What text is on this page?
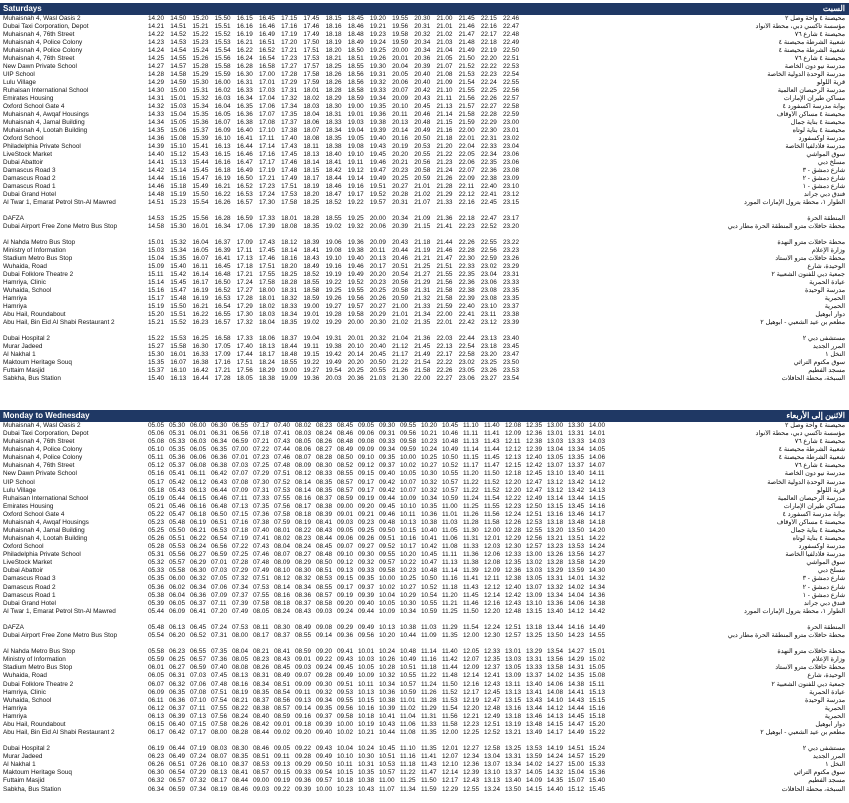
Saturdays	السبت
Muhaisnah 4, Wasl Oasis 2	14.20 14.50 15.20 15.50 16.15 16.45 17.15 17.45 18.15 18.45 19.20 19.55 20.30 21.00 21.45 22.15 22.46	محيصنة ٤ واحة وصل ٢
Dubai Taxi Corporation, Depot	14.21 14.51 15.21 15.51 16.16 16.46 17.16 17.46 18.16 18.46 19.21 19.56 20.31 21.01 21.46 22.16 22.47	مؤسسة تاكسي دبي، محطة الأنواد
Muhaisnah 4, 76th Street	14.22 14.52 15.22 15.52 16.19 16.49 17.19 17.49 18.18 18.48 19.23 19.58 20.32 21.02 21.47 22.17 22.48	محيصنة ٤ شارع ٧٦
Muhaisnah 4, Police Colony	14.23 14.53 15.23 15.53 16.21 16.51 17.20 17.50 18.19 18.49 19.24 19.59 20.34 21.03 21.48 22.18 22.49	شعبية الشرطة محيصنة ٤
Muhaisnah 4, Police Colony	14.24 14.54 15.24 15.54 16.22 16.52 17.21 17.51 18.20 18.50 19.25 20.00 20.34 21.04 21.49 22.19 22.50	شعبية الشرطة محيصنة ٤
Muhaisnah 4, 76th Street	14.25 14.55 15.26 15.56 16.24 16.54 17.23 17.53 18.21 18.51 19.26 20.01 20.36 21.05 21.50 22.20 22.51	محيصنة ٤ شارع ٧٦
New Dawn Private School	14.27 14.57 15.28 15.58 16.28 16.58 17.27 17.57 18.25 18.55 19.30 20.04 20.39 21.07 21.52 22.22 22.53	مدرسة نيو دون الخاصة
UIP School	14.28 14.58 15.29 15.59 16.30 17.00 17.28 17.58 18.26 18.56 19.31 20.05 20.40 21.08 21.53 22.23 22.54	مدرسة الوحدة الدولية الخاصة
Lulu Village	14.29 14.59 15.30 16.00 16.31 17.01 17.29 17.59 18.26 18.56 19.32 20.06 20.40 21.09 21.54 22.24 22.55	قرية اللولو
Ruhaisan International School	14.30 15.00 15.31 16.02 16.33 17.03 17.31 18.01 18.28 18.58 19.33 20.07 20.42 21.10 21.55 22.25 22.56	مدرسة الرحيصان العالمية
Emirates Housing	14.31 15.01 15.32 16.03 16.34 17.04 17.32 18.02 18.29 18.59 19.34 20.09 20.43 21.11	21.56 22.26 22.57	مساكن طيران الإمارات
Oxford School Gate 4	14.32 15.03 15.34 16.04 16.35 17.06 17.34 18.03 18.30 19.00 19.35 20.10 20.45 21.13 21.57 22.27 22.58	بوابة مدرسة أكسفورد ٤
Muhaisnah 4, Awqaf Housings	14.33 15.04 15.35 16.05 16.36 17.07 17.35 18.04 18.31 19.01 19.36 20.11	20.46 21.14 21.58 22.28 22.59	محيصنة ٤ مساكن الأوقاف
Muhaisnah 4, Jamal Building	14.34 15.05 15.36 16.07 16.38 17.08 17.37 18.06 18.33 19.03 19.38 20.13 20.48 21.15 21.59 22.29 23.00	محيصنة ٤ بناية جمال
Muhaisnah 4, Lootah Building	14.35 15.06 15.37 16.09 16.40 17.10 17.38 18.07 18.34 19.04 19.39 20.14 20.49 21.16 22.00 22.30 23.01	محيصنة ٤ بناية لوتاه
Oxford School	14.36 15.08 15.39 16.10 16.41 17.11	17.40 18.08 18.35 19.05 19.40 20.16 20.50 21.18 22.01 22.31 23.02	مدرسة أوكسفورد
Philadelphia Private School	14.39 15.10 15.41 16.13 16.44 17.14 17.43 18.11	18.38 19.08 19.43 20.19 20.53 21.20 22.04 22.33 23.04	مدرسة فلادلفيا الخاصة
LiveStock Market	14.40 15.12 15.43 16.15 16.46 17.16 17.45 18.13 18.40 19.10 19.45 20.20 20.55 21.22 22.05 22.34 23.06	سوق المواشي
Dubai Abattoir	14.41 15.13 15.44 16.16 16.47 17.17 17.46 18.14 18.41 19.11	19.46 20.21 20.56 21.23 22.06 22.35 23.06	مسلخ دبي
Damascus Road 3	14.42 15.14 15.45 16.18 16.49 17.19 17.48 18.15 18.42 19.12 19.47 20.23 20.58 21.24 22.07 22.36 23.08	شارع دمشق - ٣
Damascus Road 2	14.44 15.16 15.47 16.19 16.50 17.21 17.49 18.17 18.44 19.14 19.49 20.25 20.59 21.26 22.09 22.38 23.09	شارع دمشق - ٢
Damascus Road 1	14.46 15.18 15.49 16.21 16.52 17.23 17.51 18.19 18.46 19.16 19.51 20.27 21.01 21.28 22.11	22.40 23.10	شارع دمشق - ١
Dubai Grand Hotel	14.48 15.19 15.50 16.22 16.53 17.24 17.53 18.20 18.47 19.17 19.52 20.28 21.02 21.29 22.12 22.41 23.12	فندق دبي جراند
Al Twar 1, Emarat Petrol Stn-Al Mawred	14.51 15.23 15.54 16.26 16.57 17.30 17.58 18.25 18.52 19.22 19.57 20.31 21.07 21.33 22.16 22.45 23.15	الطوار ١، محطة بترول الإمارات المورد
DAFZA	14.53 15.25 15.56 16.28 16.59 17.33 18.01 18.28 18.55 19.25 20.00 20.34 21.09 21.36 22.18 22.47 23.17	المنطقة الحرة
Dubai Airport Free Zone Metro Bus Stop	14.58 15.30 16.01 16.34 17.06 17.39 18.08 18.35 19.02 19.32 20.06 20.39 21.15 21.41 22.23 22.52 23.20	محطة حافلات مترو المنطقة الحرة مطار دبي
Al Nahda Metro Bus Stop	15.01 15.32 16.04 16.37 17.09 17.43 18.12 18.39 19.06 19.36 20.09 20.43 21.18 21.44 22.26 22.55 23.22	محطة حافلات مترو النهدة
Ministry of Information	15.03 15.34 16.05 16.39 17.11	17.45 18.14 18.41 19.08 19.38 20.11	20.44 21.19 21.46 22.28 22.56 23.23	وزارة الإعلام
Stadium Metro Bus Stop	15.04 15.35 16.07 16.41 17.13 17.46 18.16 18.43 19.10 19.40 20.13 20.46 21.21 21.47 22.30 22.59 23.26	محطة حافلات مترو الاستاد
Wuhaida, Road	15.09 15.40 16.11	16.45 17.18 17.51 18.20 18.49 19.16 19.46 20.17 20.51 21.25 21.51 22.33 23.02 23.29	الوحيدة، شارع
Dubai Folklore Theatre 2	15.11	15.42 16.14 16.48 17.21 17.55 18.25 18.52 19.19 19.49 20.20 20.54 21.27 21.55 22.35 23.04 23.31	جمعية دبي للفنون الشعبية ٢
Hamriya, Clinic	15.14 15.45 16.17 16.50 17.24 17.58 18.28 18.55 19.22 19.52 20.23 20.56 21.29 21.56 22.36 23.06 23.33	عيادة الحمرية
Wuhaida, School	15.16 15.47 16.19 16.52 17.27 18.00 18.31 18.58 19.25 19.55 20.25 20.58 21.31 21.58 22.38 23.08 23.35	مدرسة الوحيدة
Hamriya	15.17 15.48 16.19 16.53 17.28 18.01 18.32 18.59 19.26 19.56 20.26 20.59 21.32 21.58 22.39 23.08 23.35	الحمرية
Hamriya	15.19 15.50 16.21 16.54 17.29 18.02 18.33 19.00 19.27 19.57 20.27 21.00 21.33 21.59 22.40 23.10 23.37	الحمرية
Abu Hail, Roundabout	15.20 15.51 16.22 16.55 17.30 18.03 18.34 19.01 19.28 19.58 20.29 21.01 21.34 22.00 22.41 23.11	23.38	دوار أبوهيل
Abu Hail, Bin Eid Al Shabi Restaurant 2	15.21 15.52 16.23 16.57 17.32 18.04 18.35 19.02 19.29 20.00 20.30 21.02 21.35 22.01 22.42 23.12 23.39	مطعم بن عيد الشعبي - أبوهيل ٢
Dubai Hospital 2	15.22 15.53 16.25 16.58 17.33 18.06 18.37 19.04 19.31 20.01 20.32 21.04 21.36 22.03 22.44 23.13 23.40	مستشفى دبي ٢
Murar Jadeed	15.27 15.58 16.30 17.05 17.40 18.13 18.44 19.11	19.38 20.10 20.40 21.12 21.45 22.13 22.54 23.18 23.45	المرر الجديد
Al Nakhal 1	15.30 16.01 16.33 17.09 17.44 18.17 18.48 19.15 19.42 20.14 20.45 21.17 21.49 22.17 22.58 23.20 23.47	النخل ١
Maktoum Heritage Souq	15.35 16.07 16.38 17.16 17.51 18.24 18.55 19.22 19.49 20.20 20.50 21.22 21.54 22.22 23.02 23.25 23.50	سوق مكتوم التراثي
Futtaim Masjid	15.37 16.10 16.42 17.21 17.56 18.29 19.00 19.27 19.54 20.25 20.55 21.26 21.58 22.26 23.05 23.26 23.53	مسجد الفطيم
Sabkha, Bus Station	15.40 16.13 16.44 17.28 18.05 18.38 19.09 19.36 20.03 20.36 21.03 21.30 22.00 22.27 23.06 23.27 23.54	السبخة، محطة الحافلات
Monday to Wednesday	الاثنين إلى الأربعاء
Muhaisnah 4, Wasl Oasis 2	05.05 05.30 06.00 06.30 06.55 07.17 07.40 08.02 08.23 08.45 09.05 09.30 09.55 10.20 10.45 11.10 11.40 12.08 12.35 13.00 13.30 14.00	محيصنة ٤ واحة وصل ٢
Dubai Taxi Corporation, Depot	05.06 05.31 06.01 06.31 06.56 07.18 07.41 08.03 08.24 08.46 09.06 09.31 09.56 10.21 10.46 11.11 11.41 12.09 12.36 13.01 13.31 14.01	مؤسسة تاكسي دبي، محطة الأنواد
Muhaisnah 4, 76th Street	05.08 05.33 06.03 06.34 06.59 07.21 07.43 08.05 08.26 08.48 09.08 09.33 09.58 10.23 10.48 11.13 11.43 12.11 12.38 13.03 13.33 14.03	محيصنة ٤ شارع ٧٦
Muhaisnah 4, Police Colony	05.10 05.35 06.05 06.35 07.00 07.22 07.44 08.06 08.27 08.49 09.09 09.34 09.59 10.24 10.49 11.14 11.44 12.12 12.39 13.04 13.34 14.05	شعبية الشرطة محيصنة ٤
Muhaisnah 4, Police Colony	05.11 05.36 06.06 06.36 07.01 07.23 07.46 08.07 08.28 08.50 09.10 09.35 10.00 10.25 10.50 11.15 11.45 12.13 12.40 13.05 13.35 14.06	شعبية الشرطة محيصنة ٤
Muhaisnah 4, 76th Street	05.12 05.37 06.08 06.38 07.03 07.25 07.48 08.09 08.30 08.52 09.12 09.37 10.02 10.27 10.52 11.17 11.47 12.15 12.42 13.07 13.37 14.07	محيصنة ٤ شارع ٧٦
New Dawn Private School	05.16 05.41 06.11 06.42 07.07 07.29 07.51 08.12 08.33 08.55 09.15 09.40 10.05 10.30 10.55 11.20 11.50 12.18 12.45 13.10 13.40 14.11	مدرسة نيو دون الخاصة
UIP School	05.17 05.42 06.12 06.43 07.08 07.30 07.52 08.14 08.35 08.57 09.17 09.42 10.07 10.32 10.57 11.22 11.52 12.20 12.47 13.12 13.42 14.12	مدرسة الوحدة الدولية الخاصة
Lulu Village	05.18 05.43 06.13 06.44 07.09 07.31 07.53 08.14 08.35 08.57 09.17 09.42 10.07 10.32 10.57 11.22 11.52 12.20 12.47 13.12 13.42 14.13	قرية اللولو
Ruhaisan International School	05.19 05.44 06.15 06.46 07.11 07.33 07.55 08.16 08.37 08.59 09.19 09.44 10.09 10.34 10.59 11.24 11.54 12.22 12.49 13.14 13.44 14.15	مدرسة الرحيصان العالمية
Emirates Housing	05.21 05.46 06.16 06.48 07.13 07.35 07.56 08.17 08.38 09.00 09.20 09.45 10.10 10.35 11.00 11.25 11.55 12.23 12.50 13.15 13.45 14.16	مساكن طيران الإمارات
Oxford School Gate 4	05.22 05.47 06.18 06.50 07.15 07.36 07.58 08.18 08.39 09.01 09.21 09.46 10.11 10.36 11.01 11.26 11.56 12.24 12.51 13.16 13.46 14.17	بوابة مدرسة أكسفورد ٤
Muhaisnah 4, Awqaf Housings	05.23 05.48 06.19 06.51 07.16 07.38 07.59 08.19 08.41 09.03 09.23 09.48 10.13 10.38 11.03 11.28 11.58 12.26 12.53 13.18 13.48 14.18	محيصنة ٤ مساكن الأوقاف
Muhaisnah 4, Jamal Building	05.25 05.50 06.21 06.53 07.18 07.40 08.01 08.22 08.43 09.05 09.25 09.50 10.15 10.40 11.05 11.30 12.00 12.28 12.55 13.20 13.50 14.20	محيصنة ٤ بناية جمال
Muhaisnah 4, Lootah Building	05.26 05.51 06.22 06.54 07.19 07.41 08.02 08.23 08.44 09.06 09.26 09.51 10.16 10.41 11.06 11.31 12.01 12.29 12.56 13.21 13.51 14.22	محيصنة ٤ بناية لوتاه
Oxford School	05.28 05.53 06.24 06.56 07.22 07.43 08.04 08.24 08.45 09.07 09.27 09.52 10.17 10.42 11.08 11.33 12.03 12.30 12.57 13.23 13.53 14.24	مدرسة أوكسفورد
Philadelphia Private School	05.31 05.56 06.27 06.59 07.25 07.46 08.07 08.27 08.48 09.10 09.30 09.55 10.20 10.45 11.11 11.36 12.06 12.33 13.00 13.26 13.56 14.27	مدرسة فلادلفيا الخاصة
LiveStock Market	05.32 05.57 06.29 07.01 07.28 07.48 08.09 08.29 08.50 09.12 09.32 09.57 10.22 10.47 11.13 11.38 12.08 12.35 13.02 13.28 13.58 14.29	سوق المواشي
Dubai Abattoir	05.33 05.58 06.30 07.03 07.29 07.49 08.10 08.30 08.51 09.13 09.33 09.58 10.23 10.48 11.14 11.39 12.09 12.36 13.03 13.29 13.59 14.30	مسلخ دبي
Damascus Road 3	05.35 06.00 06.32 07.05 07.32 07.51 08.12 08.32 08.53 09.15 09.35 10.00 10.25 10.50 11.16 11.41 12.11 12.38 13.05 13.31 14.01 14.32	شارع دمشق - ٣
Damascus Road 2	05.36 06.02 06.34 07.06 07.34 07.53 08.14 08.34 08.55 09.17 09.37 10.02 10.27 10.52 11.18 11.43 12.12 12.40 13.07 13.32 14.02 14.34	شارع دمشق - ٢
Damascus Road 1	05.38 06.04 06.36 07.09 07.37 07.55 08.16 08.36 08.57 09.19 09.39 10.04 10.29 10.54 11.20 11.45 12.14 12.42 13.09 13.34 14.04 14.36	شارع دمشق - ١
Dubai Grand Hotel	05.39 06.05 06.37 07.11 07.39 07.58 08.18 08.37 08.58 09.20 09.40 10.05 10.30 10.55 11.21 11.46 12.16 12.43 13.10 13.36 14.06 14.38	فندق دبي جراند
Al Twar 1, Emarat Petrol Stn-Al Mawred	05.44 06.09 06.41 07.20 07.49 08.05 08.24 08.43 09.03 09.24 09.44 10.09 10.34 10.59 11.25 11.50 12.20 12.48 13.15 13.40 14.12 14.42	الطوار ١، محطة بترول الإمارات المورد
DAFZA	05.48 06.13 06.45 07.24 07.53 08.11 08.30 08.49 09.08 09.29 09.49 10.13 10.38 11.03 11.29 11.54 12.24 12.51 13.18 13.44 14.16 14.49	المنطقة الحرة
Dubai Airport Free Zone Metro Bus Stop	05.54 06.20 06.52 07.31 08.00 08.17 08.37 08.55 09.14 09.36 09.56 10.20 10.44 11.09 11.35 12.00 12.30 12.57 13.25 13.50 14.23 14.55	محطة حافلات مترو المنطقة الحرة مطار دبي
Al Nahda Metro Bus Stop	05.58 06.23 06.55 07.35 08.04 08.21 08.41 08.59 09.20 09.41 10.01 10.24 10.48 11.14 11.40 12.05 12.33 13.01 13.29 13.54 14.27 15.01	محطة حافلات مترو النهدة
Ministry of Information	05.59 06.25 06.57 07.36 08.05 08.23 08.43 09.01 09.22 09.43 10.03 10.26 10.49 11.16 11.42 12.07 12.35 13.03 13.31 13.56 14.29 15.02	وزارة الإعلام
Stadium Metro Bus Stop	06.01 06.27 06.59 07.40 08.08 08.26 08.45 09.03 09.24 09.45 10.05 10.28 10.51 11.18 11.44 12.09 12.37 13.05 13.33 13.58 14.31 15.05	محطة حافلات مترو الاستاد
Wuhaida, Road	06.05 06.31 07.03 07.45 08.13 08.31 08.49 09.07 09.28 09.49 10.09 10.32 10.55 11.22 11.48 12.14 12.41 13.09 13.37 14.02 14.35 15.08	الوحيدة، شارع
Dubai Folklore Theatre 2	06.07 06.32 07.06 07.48 08.16 08.34 08.51 09.09 09.30 09.51 10.11 10.34 10.57 11.24 11.50 12.16 12.43 13.11 13.40 14.06 14.38 15.11	جمعية دبي للفنون الشعبية ٢
Hamriya, Clinic	06.09 06.35 07.08 07.51 08.19 08.35 08.54 09.11 09.32 09.53 10.13 10.36 10.59 11.26 11.52 12.17 12.45 13.13 13.41 14.08 14.41 15.13	عيادة الحمرية
Wuhaida, School	06.11 06.36 07.10 07.54 08.21 08.37 08.56 09.13 09.34 09.55 10.15 10.38 11.01 11.28 11.53 12.19 12.47 13.15 13.43 14.10 14.43 15.15	مدرسة الوحيدة
Hamriya	06.12 06.37 07.11 07.55 08.22 08.38 08.57 09.14 09.35 09.56 10.16 10.39 11.02 11.29 11.54 12.20 12.48 13.16 13.44 14.12 14.44 15.16	الحمرية
Hamriya	06.13 06.39 07.13 07.56 08.24 08.40 08.59 09.16 09.37 09.58 10.18 10.41 11.04 11.31 11.56 12.21 12.49 13.18 13.46 14.13 14.45 15.18	الحمرية
Abu Hail, Roundabout	06.15 06.40 07.15 07.58 08.26 08.42 09.01 09.18 09.39 10.00 10.19 10.43 11.06 11.33 11.58 12.23 12.51 13.19 13.48 14.15 14.47 15.20	دوار أبوهيل
Abu Hail, Bin Eid Al Shabi Restaurant 2	06.17 06.42 07.17 08.00 08.28 08.44 09.02 09.20 09.40 10.02 10.21 10.44 11.08 11.35 12.00 12.25 12.52 13.21 13.49 14.17 14.49 15.22	مطعم بن عيد الشعبي - أبوهيل ٢
Dubai Hospital 2	06.19 06.44 07.19 08.03 08.30 08.46 09.05 09.22 09.43 10.04 10.24 10.45 11.10 11.35 12.01 12.27 12.58 13.25 13.53 14.19 14.51 15.24	مستشفى دبي ٢
Murar Jadeed	06.23 06.49 07.24 08.07 08.35 08.51 09.11 09.28 09.49 10.10 10.30 10.51 11.16 11.41 12.07 12.34 13.04 13.31 13.59 14.24 14.57 15.29	المرر الجديد
Al Nakhal 1	06.26 06.51 07.26 08.10 08.37 08.53 09.13 09.29 09.50 10.11 10.31 10.53 11.18 11.43 12.10 12.36 13.07 13.34 14.02 14.27 15.00 15.33	النخل ١
Maktoum Heritage Souq	06.30 06.54 07.29 08.13 08.41 08.57 09.15 09.33 09.54 10.15 10.35 10.57 11.22 11.47 12.14 12.39 13.10 13.37 14.05 14.32 15.04 15.36	سوق مكتوم التراثي
Futtaim Masjid	06.32 06.57 07.32 08.17 08.44 09.00 09.19 09.36 09.57 10.18 10.38 11.00 11.25 11.50 12.17 12.43 13.13 13.40 14.09 14.35 15.07 15.40	مسجد الفطيم
Sabkha, Bus Station	06.34 06.59 07.34 08.19 08.46 09.03 09.22 09.39 10.00 10.23 10.43 11.07 11.34 11.59 12.29 12.55 13.24 13.50 14.15 14.40 15.12 15.45	السبخة، محطة الحافلات
